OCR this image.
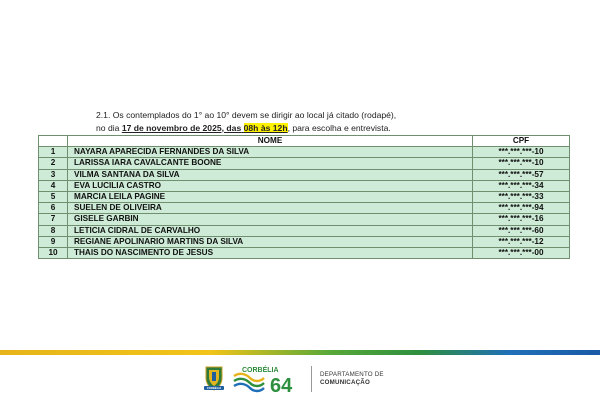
2.1. Os contemplados do 1° ao 10° devem se dirigir ao local já citado (rodapé),
no dia 17 de novembro de 2025, das 08h às 12h, para escolha e entrevista.
	NOME	CPF
1	NAYARA APARECIDA FERNANDES DA SILVA	***.***.***-10
2	LARISSA IARA CAVALCANTE BOONE	***.***.***-10
3	VILMA SANTANA DA SILVA	***.***.***-57
4	EVA LUCILIA CASTRO	***.***.***-34
5	MARCIA LEILA PAGINE	***.***.***-33
6	SUELEN DE OLIVEIRA	***.***.***-94
7	GISELE GARBIN	***.***.***-16
8	LETICIA CIDRAL DE CARVALHO	***.***.***-60
9	REGIANE APOLINARIO MARTINS DA SILVA	***.***.***-12
10	THAIS DO NASCIMENTO DE JESUS	***.***.***-00
CORBÉLIA
CORBÉLIA
64
DEPARTAMENTO DE
COMUNICAÇÃO
